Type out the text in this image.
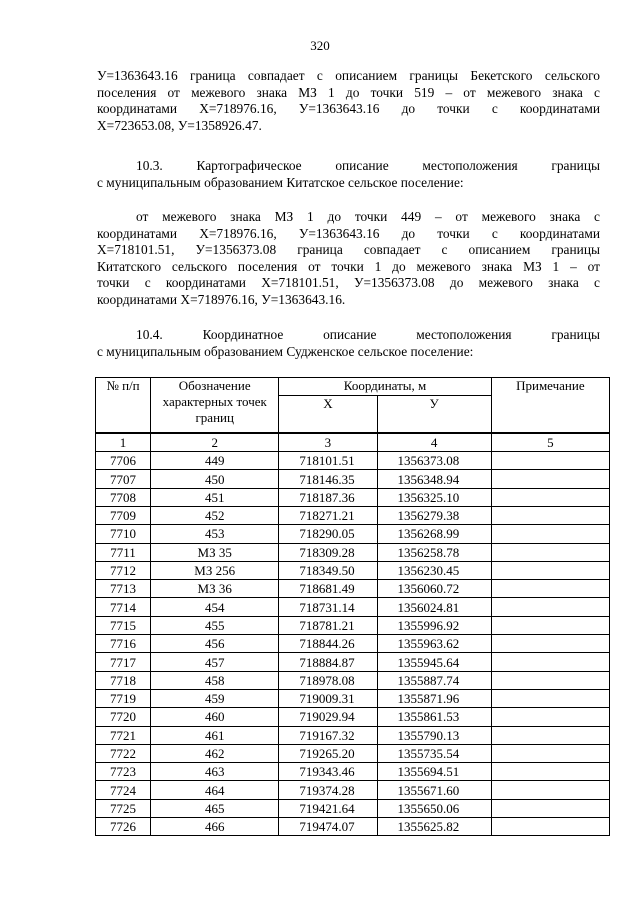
320
У=1363643.16 граница совпадает с описанием границы Бекетского сельского
поселения от межевого знака МЗ 1 до точки 519 – от межевого знака с
координатами Х=718976.16, У=1363643.16 до точки с координатами
Х=723653.08, У=1358926.47.
10.3. Картографическое описание местоположения границы
с муниципальным образованием Китатское сельское поселение:
от межевого знака МЗ 1 до точки 449 – от межевого знака с
координатами Х=718976.16, У=1363643.16 до точки с координатами
Х=718101.51, У=1356373.08 граница совпадает с описанием границы
Китатского сельского поселения от точки 1 до межевого знака МЗ 1 – от
точки с координатами Х=718101.51, У=1356373.08 до межевого знака с
координатами Х=718976.16, У=1363643.16.
10.4. Координатное описание местоположения границы
с муниципальным образованием Судженское сельское поселение:
№ п/п	Обозначение характерных точек границ	Координаты, м		Примечание
		Х	У	
1	2	3	4	5
7706	449	718101.51	1356373.08	
7707	450	718146.35	1356348.94	
7708	451	718187.36	1356325.10	
7709	452	718271.21	1356279.38	
7710	453	718290.05	1356268.99	
7711	МЗ 35	718309.28	1356258.78	
7712	МЗ 256	718349.50	1356230.45	
7713	МЗ 36	718681.49	1356060.72	
7714	454	718731.14	1356024.81	
7715	455	718781.21	1355996.92	
7716	456	718844.26	1355963.62	
7717	457	718884.87	1355945.64	
7718	458	718978.08	1355887.74	
7719	459	719009.31	1355871.96	
7720	460	719029.94	1355861.53	
7721	461	719167.32	1355790.13	
7722	462	719265.20	1355735.54	
7723	463	719343.46	1355694.51	
7724	464	719374.28	1355671.60	
7725	465	719421.64	1355650.06	
7726	466	719474.07	1355625.82	
